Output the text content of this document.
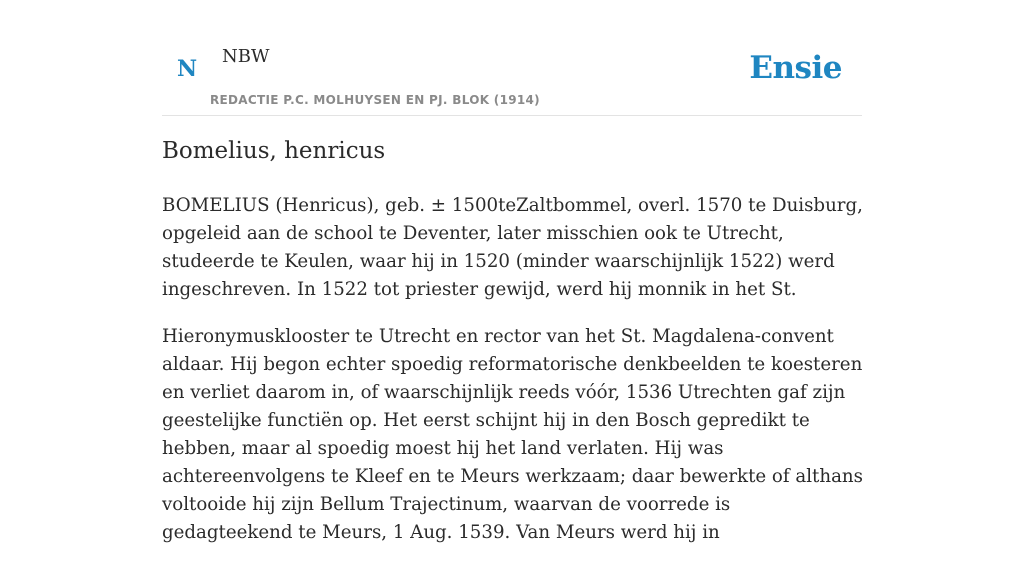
N NBW
REDACTIE P.C. MOLHUYSEN EN PJ. BLOK (1914)
Ensie
Bomelius, henricus

BOMELIUS (Henricus), geb. ± 1500teZaltbommel, overl. 1570 te Duisburg, opgeleid aan de school te Deventer, later misschien ook te Utrecht, studeerde te Keulen, waar hij in 1520 (minder waarschijnlijk 1522) werd ingeschreven. In 1522 tot priester gewijd, werd hij monnik in het St.

Hieronymusklooster te Utrecht en rector van het St. Magdalena-convent aldaar. Hij begon echter spoedig reformatorische denkbeelden te koesteren en verliet daarom in, of waarschijnlijk reeds vóór, 1536 Utrechten gaf zijn geestelijke functiën op. Het eerst schijnt hij in den Bosch gepredikt te hebben, maar al spoedig moest hij het land verlaten. Hij was achtereenvolgens te Kleef en te Meurs werkzaam; daar bewerkte of althans voltooide hij zijn Bellum Trajectinum, waarvan de voorrede is gedagteekend te Meurs, 1 Aug. 1539. Van Meurs werd hij in
